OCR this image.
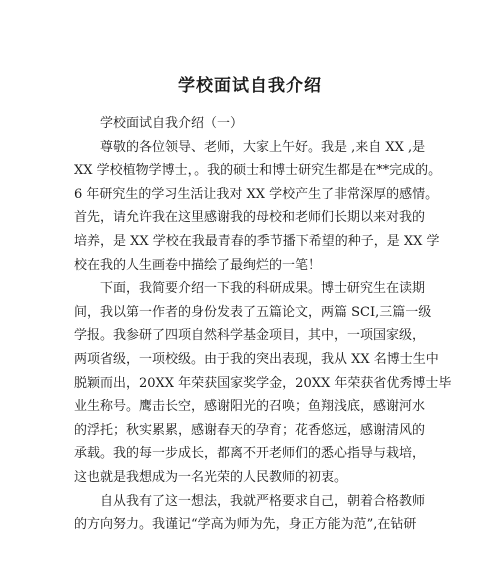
学校面试自我介绍
学校面试自我介绍（一）
尊敬的各位领导、老师，大家上午好。我是 ,来自 XX ,是
XX 学校植物学博士，。我的硕士和博士研究生都是在**完成的。
6 年研究生的学习生活让我对 XX 学校产生了非常深厚的感情。
首先，请允许我在这里感谢我的母校和老师们长期以来对我的
培养，是 XX 学校在我最青春的季节播下希望的种子，是 XX 学
校在我的人生画卷中描绘了最绚烂的一笔！
下面，我简要介绍一下我的科研成果。博士研究生在读期
间，我以第一作者的身份发表了五篇论文，两篇 SCI,三篇一级
学报。我参研了四项自然科学基金项目，其中，一项国家级，
两项省级，一项校级。由于我的突出表现，我从 XX 名博士生中
脱颖而出，20XX 年荣获国家奖学金，20XX 年荣获省优秀博士毕
业生称号。鹰击长空，感谢阳光的召唤；鱼翔浅底，感谢河水
的浮托；秋实累累，感谢春天的孕育；花香悠远，感谢清风的
承载。我的每一步成长，都离不开老师们的悉心指导与栽培，
这也就是我想成为一名光荣的人民教师的初衷。
自从我有了这一想法，我就严格要求自己，朝着合格教师
的方向努力。我谨记“学高为师为先，身正方能为范”,在钻研
